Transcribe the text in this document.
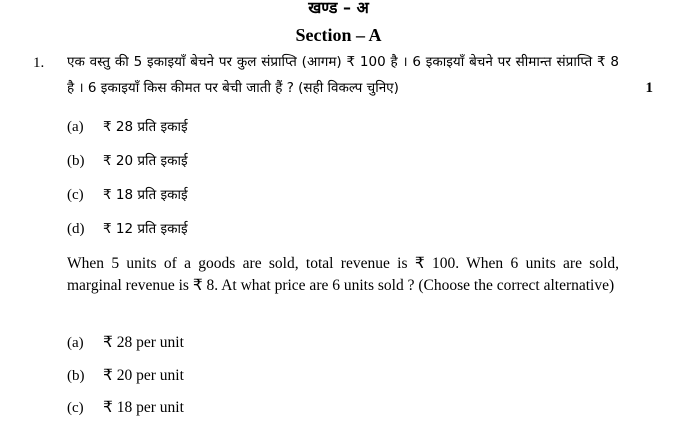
खण्ड – अ
Section – A
1.
1
एक वस्तु की 5 इकाइयाँ बेचने पर कुल संप्राप्ति (आगम) ₹ 100 है । 6 इकाइयाँ बेचने पर सीमान्त संप्राप्ति ₹ 8 है । 6 इकाइयाँ किस कीमत पर बेची जाती हैं ? (सही विकल्प चुनिए)
(a) ₹ 28 प्रति इकाई
(b) ₹ 20 प्रति इकाई
(c) ₹ 18 प्रति इकाई
(d) ₹ 12 प्रति इकाई
When 5 units of a goods are sold, total revenue is ₹ 100. When 6 units are sold, marginal revenue is ₹ 8. At what price are 6 units sold ? (Choose the correct alternative)
(a) ₹ 28 per unit
(b) ₹ 20 per unit
(c) ₹ 18 per unit
